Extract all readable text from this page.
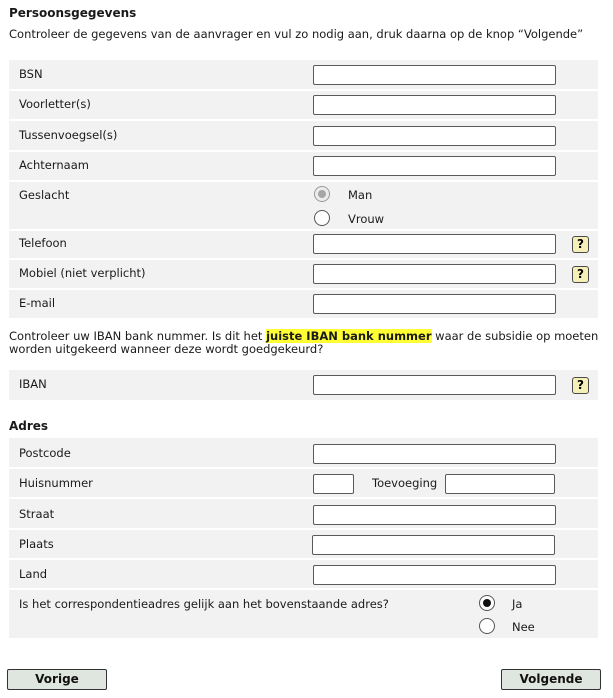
Persoonsgegevens
Controleer de gegevens van de aanvrager en vul zo nodig aan, druk daarna op de knop “Volgende”
BSN
Voorletter(s)
Tussenvoegsel(s)
Achternaam
Geslacht	Man
Vrouw
Telefoon	?
Mobiel (niet verplicht)	?
E-mail
Controleer uw IBAN bank nummer. Is dit het juiste IBAN bank nummer waar de subsidie op moeten worden uitgekeerd wanneer deze wordt goedgekeurd?
IBAN	?
Adres
Postcode
Huisnummer	Toevoeging
Straat
Plaats
Land
Is het correspondentieadres gelijk aan het bovenstaande adres?	Ja
Nee
Vorige	Volgende
